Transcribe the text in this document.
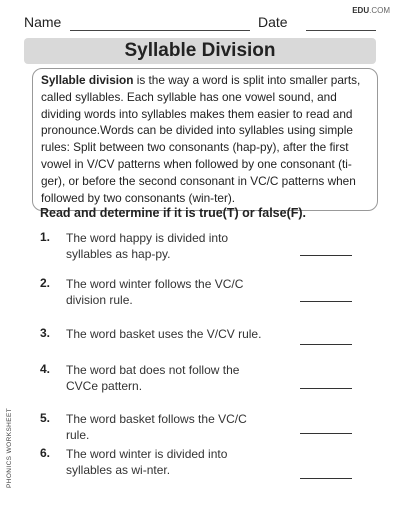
EDU.COM
Name	Date
Syllable Division
Syllable division is the way a word is split into smaller parts, called syllables. Each syllable has one vowel sound, and dividing words into syllables makes them easier to read and pronounce.Words can be divided into syllables using simple rules: Split between two consonants (hap-py), after the first vowel in V/CV patterns when followed by one consonant (ti-ger), or before the second consonant in VC/C patterns when followed by two consonants (win-ter).
Read and determine if it is true(T) or false(F).
1.	The word happy is divided into syllables as hap-py.
2.	The word winter follows the VC/C division rule.
3.	The word basket uses the V/CV rule.
4.	The word bat does not follow the CVCe pattern.
5.	The word basket follows the VC/C rule.
6.	The word winter is divided into syllables as wi-nter.
PHONICS WORKSHEET
